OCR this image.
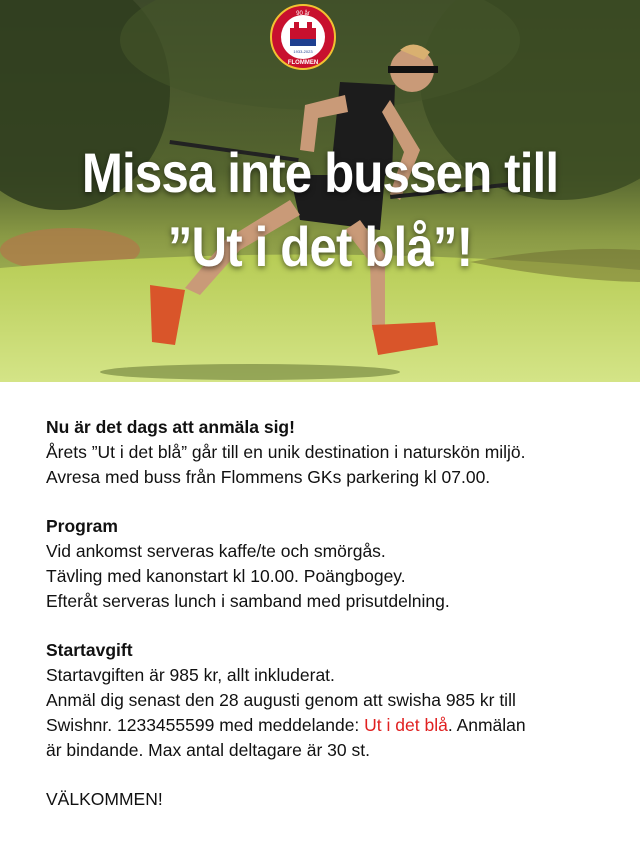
90 år
1933-2023
FLOMMEN
Missa inte bussen till
”Ut i det blå”!

Nu är det dags att anmäla sig!

Årets ”Ut i det blå” går till en unik destination i naturskön miljö.

Avresa med buss från Flommens GKs parkering kl 07.00.

Program

Vid ankomst serveras kaffe/te och smörgås.

Tävling med kanonstart kl 10.00. Poängbogey.

Efteråt serveras lunch i samband med prisutdelning.

Startavgift

Startavgiften är 985 kr, allt inkluderat.

Anmäl dig senast den 28 augusti genom att swisha 985 kr till

Swishnr. 1233455599 med meddelande: Ut i det blå. Anmälan

är bindande. Max antal deltagare är 30 st.

VÄLKOMMEN!
